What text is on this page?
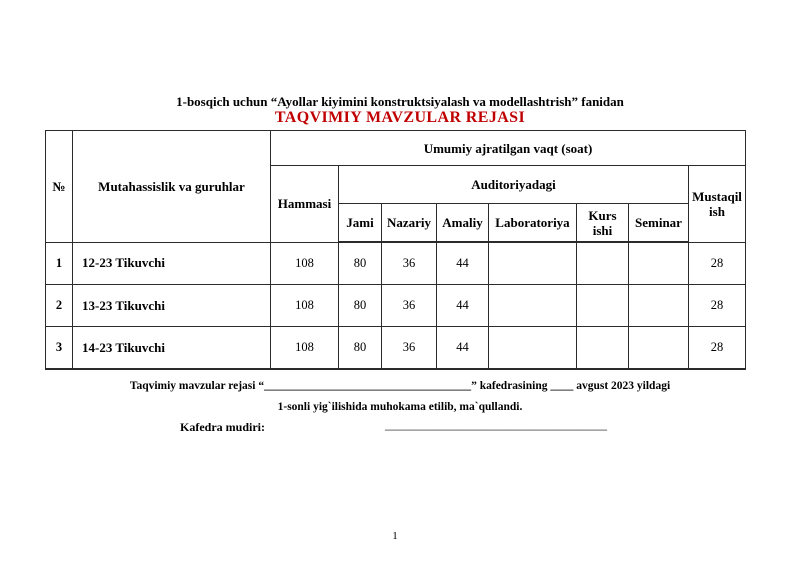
1-bosqich uchun “Ayollar kiyimini konstruktsiyalash va modellashtrish” fanidan
TAQVIMIY MAVZULAR REJASI
№	Mutahassislik va guruhlar	Umumiy ajratilgan vaqt (soat)							
		Hammasi	Auditoriyadagi						Mustaqil ish
			Jami	Nazariy	Amaliy	Laboratoriya	Kurs ishi	Seminar	
1	12-23 Tikuvchi	108	80	36	44				28
2	13-23 Tikuvchi	108	80	36	44				28
3	14-23 Tikuvchi	108	80	36	44				28
Taqvimiy mavzular rejasi “____________________________________” kafedrasining ____ avgust 2023 yildagi
1-sonli yig`ilishida muhokama etilib, ma`qullandi.
Kafedra mudiri:	_____________________________________
1
